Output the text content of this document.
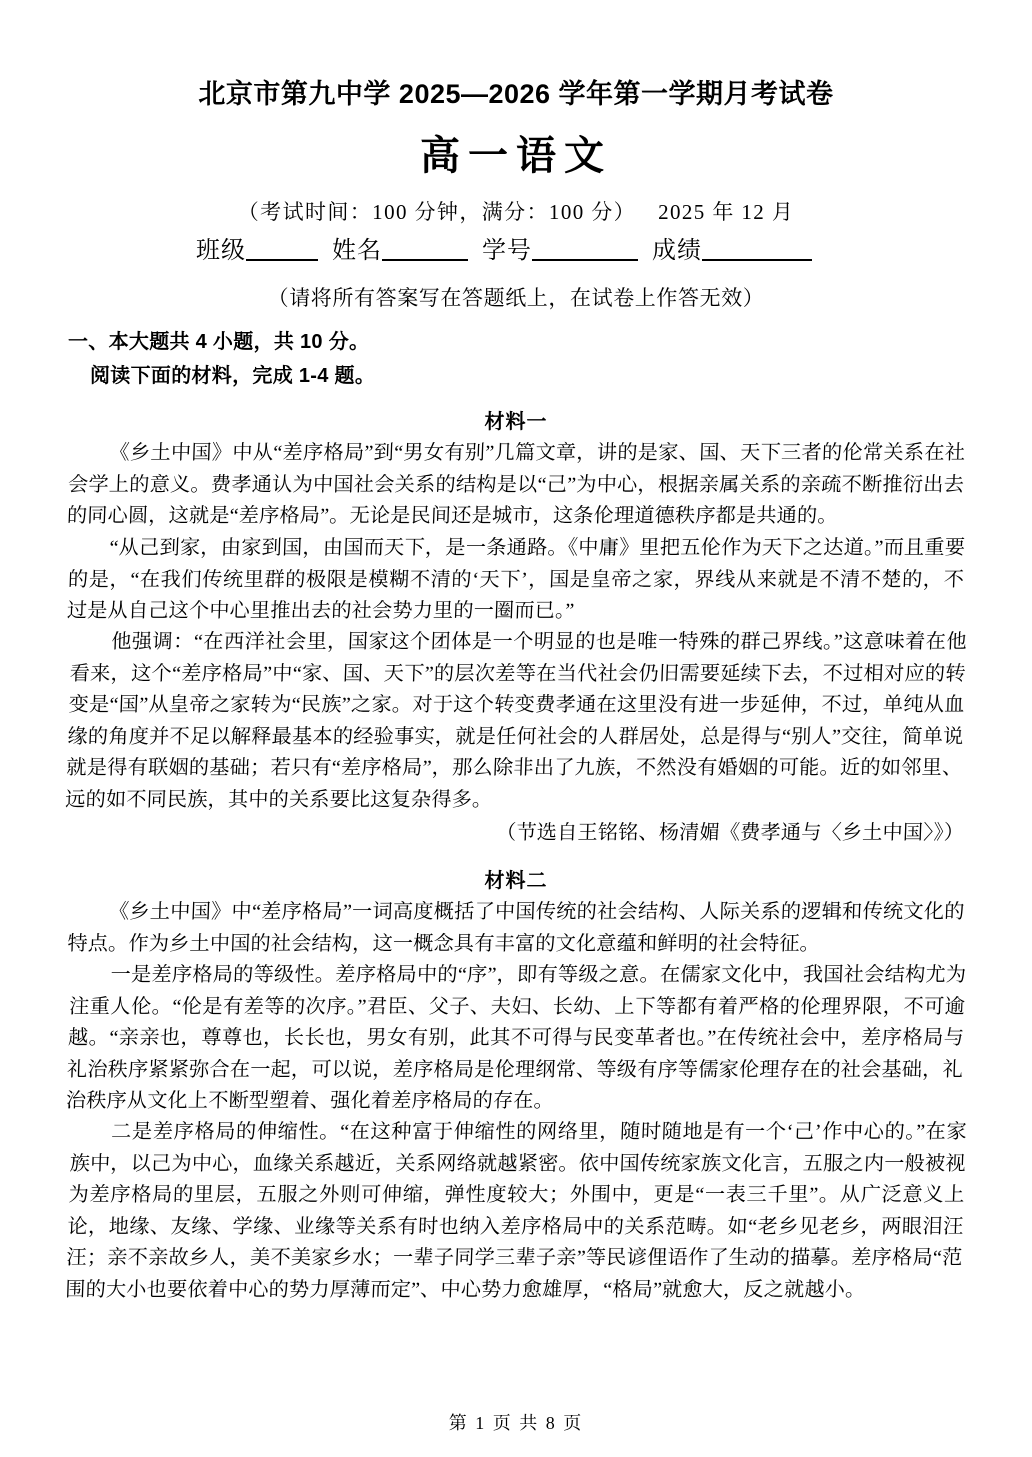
北京市第九中学 2025—2026 学年第一学期月考试卷
高一语文

（考试时间：100 分钟，满分：100 分） 2025 年 12 月

班级	姓名	学号	成绩

（请将所有答案写在答题纸上，在试卷上作答无效）

一、本大题共 4 小题，共 10 分。

阅读下面的材料，完成 1-4 题。

材料一

《乡土中国》中从“差序格局”到“男女有别”几篇文章，讲的是家、国、天下三者的伦常关系在社会学上的意义。费孝通认为中国社会关系的结构是以“己”为中心，根据亲属关系的亲疏不断推衍出去的同心圆，这就是“差序格局”。无论是民间还是城市，这条伦理道德秩序都是共通的。

“从己到家，由家到国，由国而天下，是一条通路。《中庸》里把五伦作为天下之达道。”而且重要的是，“在我们传统里群的极限是模糊不清的‘天下’，国是皇帝之家，界线从来就是不清不楚的，不过是从自己这个中心里推出去的社会势力里的一圈而已。”

他强调：“在西洋社会里，国家这个团体是一个明显的也是唯一特殊的群己界线。”这意味着在他看来，这个“差序格局”中“家、国、天下”的层次差等在当代社会仍旧需要延续下去，不过相对应的转变是“国”从皇帝之家转为“民族”之家。对于这个转变费孝通在这里没有进一步延伸，不过，单纯从血缘的角度并不足以解释最基本的经验事实，就是任何社会的人群居处，总是得与“别人”交往，简单说就是得有联姻的基础；若只有“差序格局”，那么除非出了九族，不然没有婚姻的可能。近的如邻里、远的如不同民族，其中的关系要比这复杂得多。

（节选自王铭铭、杨清媚《费孝通与〈乡土中国〉》）

材料二

《乡土中国》中“差序格局”一词高度概括了中国传统的社会结构、人际关系的逻辑和传统文化的特点。作为乡土中国的社会结构，这一概念具有丰富的文化意蕴和鲜明的社会特征。

一是差序格局的等级性。差序格局中的“序”，即有等级之意。在儒家文化中，我国社会结构尤为注重人伦。“伦是有差等的次序。”君臣、父子、夫妇、长幼、上下等都有着严格的伦理界限，不可逾越。“亲亲也，尊尊也，长长也，男女有别，此其不可得与民变革者也。”在传统社会中，差序格局与礼治秩序紧紧弥合在一起，可以说，差序格局是伦理纲常、等级有序等儒家伦理存在的社会基础，礼治秩序从文化上不断型塑着、强化着差序格局的存在。

二是差序格局的伸缩性。“在这种富于伸缩性的网络里，随时随地是有一个‘己’作中心的。”在家族中，以己为中心，血缘关系越近，关系网络就越紧密。依中国传统家族文化言，五服之内一般被视为差序格局的里层，五服之外则可伸缩，弹性度较大；外围中，更是“一表三千里”。从广泛意义上论，地缘、友缘、学缘、业缘等关系有时也纳入差序格局中的关系范畴。如“老乡见老乡，两眼泪汪汪；亲不亲故乡人，美不美家乡水；一辈子同学三辈子亲”等民谚俚语作了生动的描摹。差序格局“范围的大小也要依着中心的势力厚薄而定”、中心势力愈雄厚，“格局”就愈大，反之就越小。

第 1 页 共 8 页
